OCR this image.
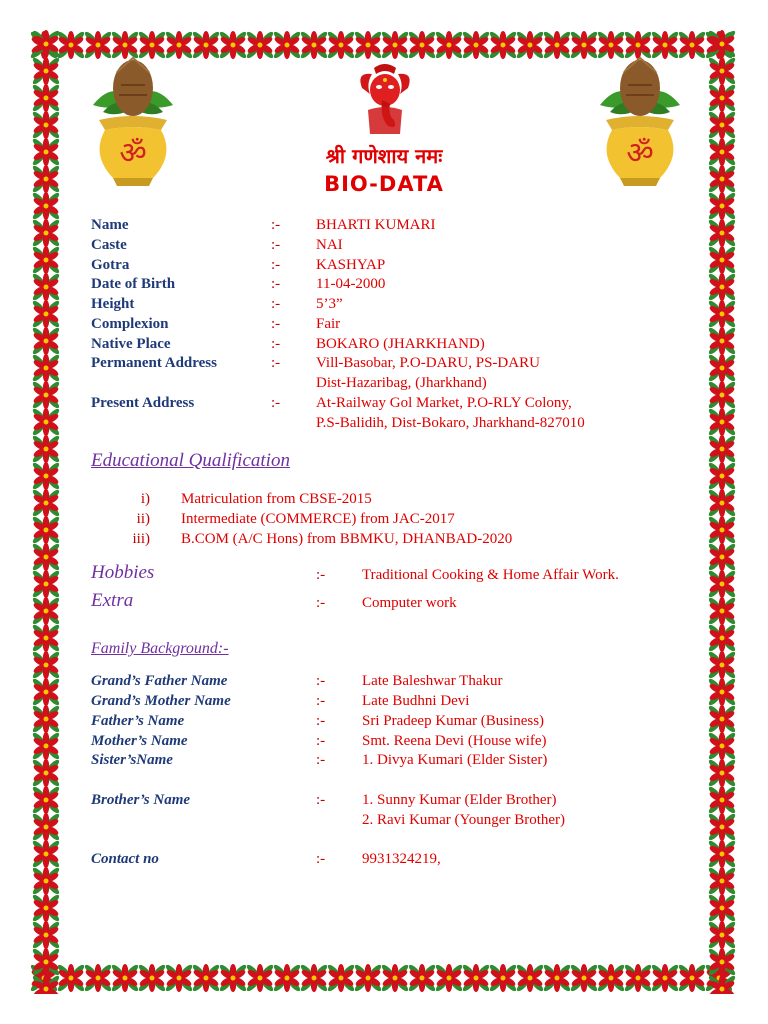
ॐ	ॐ
श्री गणेशाय नमः
BIO-DATA
Name	:- BHARTI KUMARI
Caste	:- NAI
Gotra	:- KASHYAP
Date of Birth	:- 11-04-2000
Height	:- 5’3”
Complexion	:- Fair
Native Place	:- BOKARO (JHARKHAND)
Permanent Address	:- Vill-Basobar, P.O-DARU, PS-DARU
Dist-Hazaribag, (Jharkhand)
Present Address	:- At-Railway Gol Market, P.O-RLY Colony,
P.S-Balidih, Dist-Bokaro, Jharkhand-827010
Educational Qualification
i) Matriculation from CBSE-2015
ii) Intermediate (COMMERCE) from JAC-2017
iii) B.COM (A/C Hons) from BBMKU, DHANBAD-2020
Hobbies	:- Traditional Cooking & Home Affair Work.
Extra	:- Computer work
Family Background:-
Grand’s Father Name	:- Late Baleshwar Thakur
Grand’s Mother Name	:- Late Budhni Devi
Father’s Name	:- Sri Pradeep Kumar (Business)
Mother’s Name	:- Smt. Reena Devi (House wife)
Sister’sName	:- 1. Divya Kumari (Elder Sister)
Brother’s Name	:- 1. Sunny Kumar (Elder Brother)
2. Ravi Kumar (Younger Brother)
Contact no	:- 9931324219,
